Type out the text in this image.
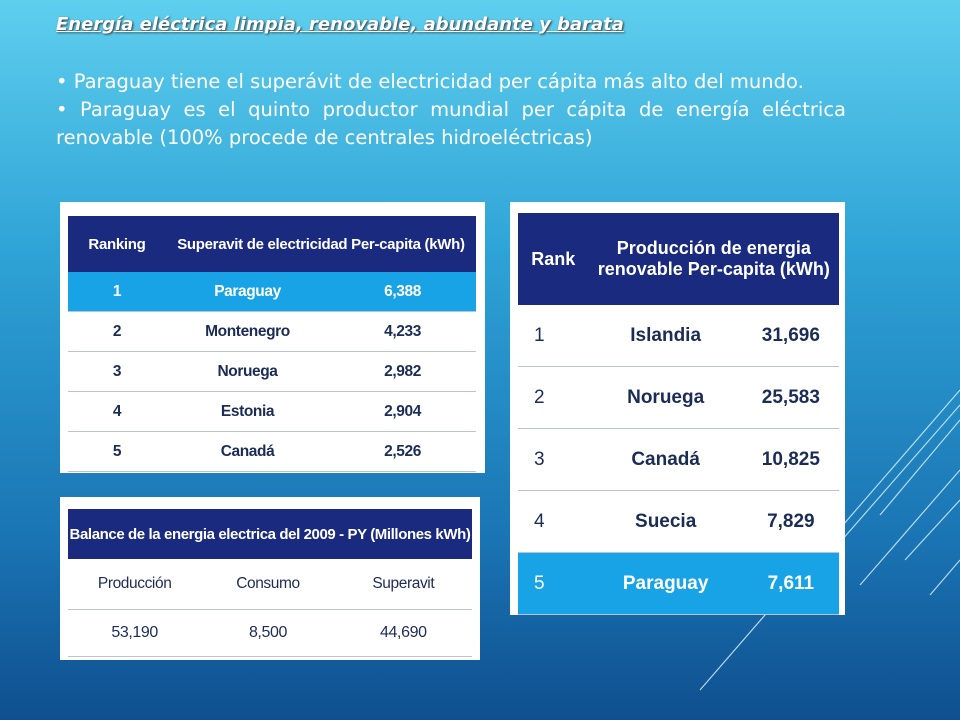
Energía eléctrica limpia, renovable, abundante y barata

• Paraguay tiene el superávit de electricidad per cápita más alto del mundo.

• Paraguay es el quinto productor mundial per cápita de energía eléctrica renovable (100% procede de centrales hidroeléctricas)

Ranking	Superavit de electricidad Per-capita (kWh)	
1	Paraguay	6,388
2	Montenegro	4,233
3	Noruega	2,982
4	Estonia	2,904
5	Canadá	2,526
Balance de la energia electrica del 2009 - PY (Millones kWh)		
Producción	Consumo	Superavit
53,190	8,500	44,690
Rank	Producción de energia renovable Per-capita (kWh)	
1	Islandia	31,696
2	Noruega	25,583
3	Canadá	10,825
4	Suecia	7,829
5	Paraguay	7,611
